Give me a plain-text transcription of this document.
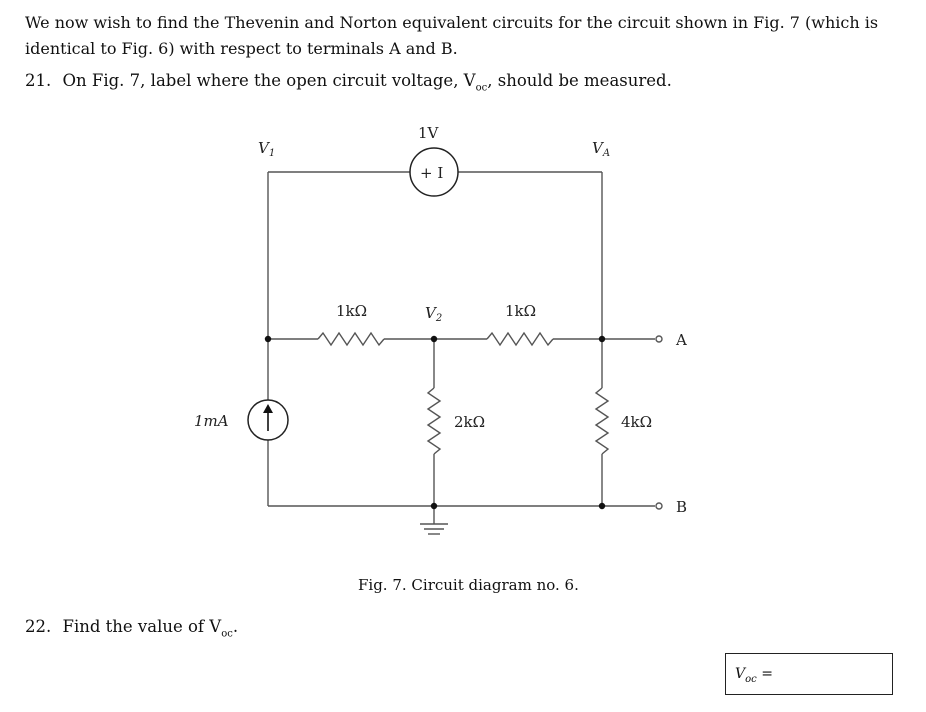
We now wish to find the Thevenin and Norton equivalent circuits for the circuit shown in Fig. 7 (which is identical to Fig. 6) with respect to terminals A and B.
21. On Fig. 7, label where the open circuit voltage, $V_{oc}$, should be measured.
1V
+ I
$V_1$	$V_A$
$V_2$
1kΩ	1kΩ
2kΩ	4kΩ
1mA
A
B
Fig. 7. Circuit diagram no. 6.
22. Find the value of $V_{oc}$.
$V_{oc}$ =
